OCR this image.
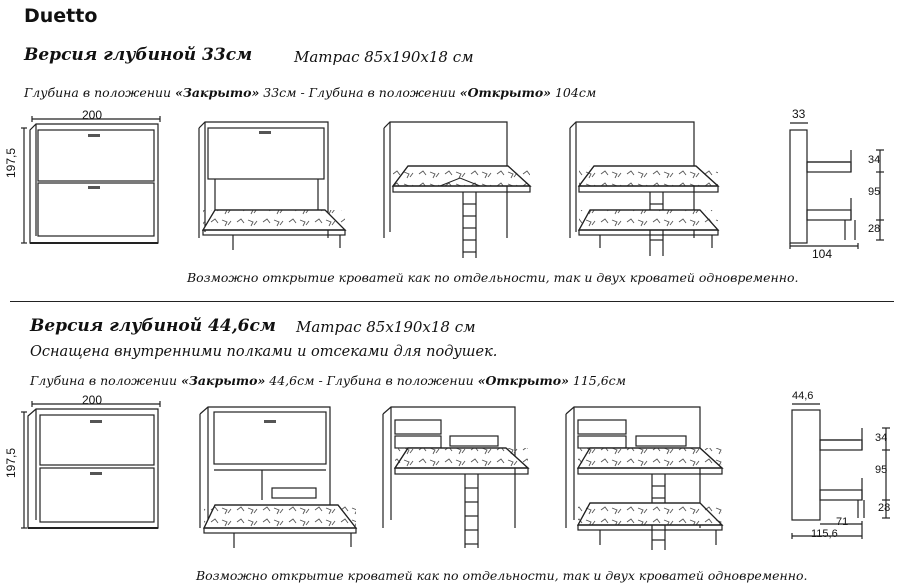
Duetto
Версия глубиной 33см	Матрас 85х190х18 см
Глубина в положении «Закрыто» 33см - Глубина в положении «Открыто» 104см
200
197,5
33
34
95
28
104
Возможно открытие кроватей как по отдельности, так и двух кроватей одновременно.
Версия глубиной 44,6см Матрас 85х190х18 см
Оснащена внутренними полками и отсеками для подушек.
Глубина в положении «Закрыто» 44,6см - Глубина в положении «Открыто» 115,6см
200
197,5
44,6
34
95
28
71
115,6
Возможно открытие кроватей как по отдельности, так и двух кроватей одновременно.
